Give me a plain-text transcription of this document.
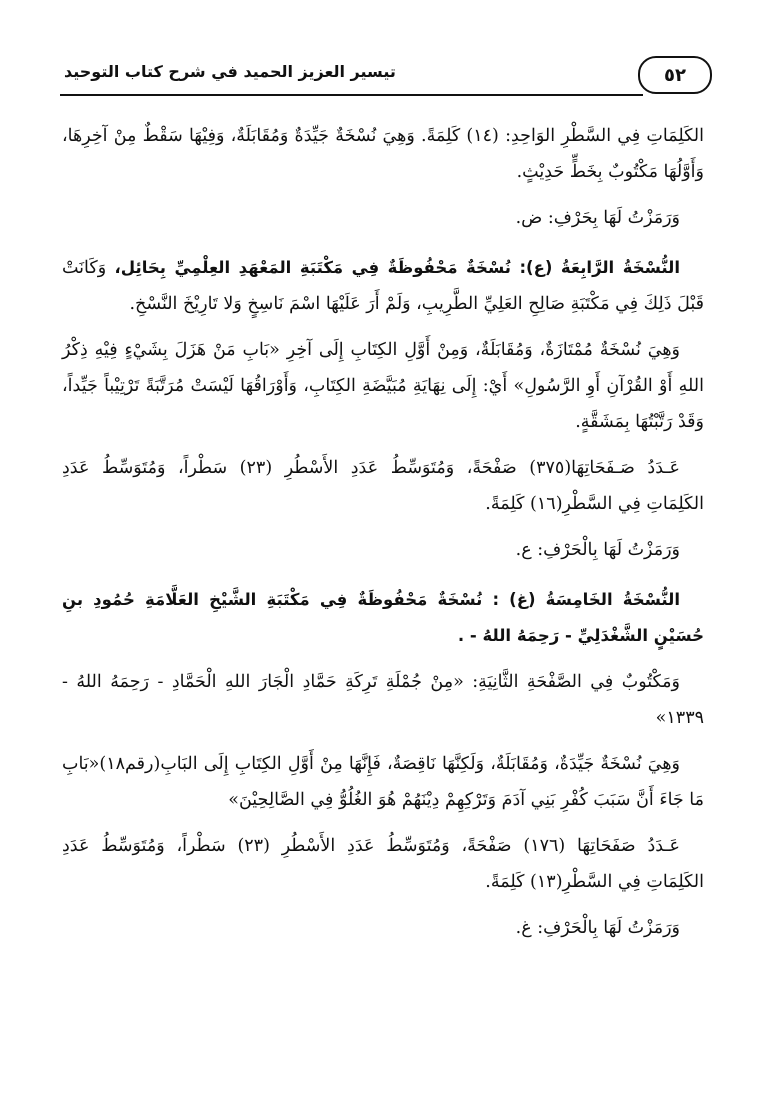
تيسير العزيز الحميد في شرح كتاب التوحيد	٥٢

الكَلِمَاتِ فِي السَّطْرِ الوَاحِدِ: (١٤) كَلِمَةً. وَهِيَ نُسْخَةٌ جَيِّدَةٌ وَمُقَابَلَةٌ، وَفِيْهَا سَقْطٌ مِنْ آخِرِهَا، وَأَوَّلُهَا مَكْتُوبٌ بِخَطٍّ حَدِيْثٍ.

وَرَمَزْتُ لَهَا بِحَرْفِ: ض.

النُّسْخَةُ الرَّابِعَةُ (ع): نُسْخَةٌ مَحْفُوظَةٌ فِي مَكْتَبَةِ المَعْهَدِ العِلْمِيِّ بِحَائِل، وَكَانَتْ قَبْلَ ذَلِكَ فِي مَكْتَبَةِ صَالِحِ العَلِيِّ الطَّرِيبِ، وَلَمْ أَرَ عَلَيْهَا اسْمَ نَاسِخٍ وَلا تَارِيْخَ النَّسْخِ.

وَهِيَ نُسْخَةٌ مُمْتَازَةٌ، وَمُقَابَلَةٌ، وَمِنْ أَوَّلِ الكِتَابِ إِلَى آخِرِ «بَابِ مَنْ هَزَلَ بِشَيْءٍ فِيْهِ ذِكْرُ اللهِ أَوْ القُرْآنِ أَوِ الرَّسُولِ» أَيْ: إِلَى نِهَايَةِ مُبَيَّضَةِ الكِتَابِ، وَأَوْرَاقُهَا لَيْسَتْ مُرَتَّبَةً تَرْتِيْباً جَيِّداً، وَقَدْ رَتَّبْتُهَا بِمَشَقَّةٍ.

عَـدَدُ صَـفَحَاتِهَا(٣٧٥) صَفْحَةً، وَمُتَوَسِّطُ عَدَدِ الأَسْطُرِ (٢٣) سَطْراً، وَمُتَوَسِّطُ عَدَدِ الكَلِمَاتِ فِي السَّطْرِ(١٦) كَلِمَةً.

وَرَمَزْتُ لَهَا بِالْحَرْفِ: ع.

النُّسْخَةُ الخَامِسَةُ (غ) : نُسْخَةٌ مَحْفُوظَةٌ فِي مَكْتَبَةِ الشَّيْخِ العَلَّامَةِ حُمُودِ بنِ حُسَيْنٍ الشَّغْدَلِيِّ - رَحِمَهُ اللهُ - .

وَمَكْتُوبٌ فِي الصَّفْحَةِ الثَّانِيَةِ: «مِنْ جُمْلَةِ تَرِكَةِ حَمَّادِ الْجَارَ اللهِ الْحَمَّادِ - رَحِمَهُ اللهُ - ١٣٣٩»

وَهِيَ نُسْخَةٌ جَيِّدَةٌ، وَمُقَابَلَةٌ، وَلَكِنَّهَا نَاقِصَةٌ، فَإِنَّهَا مِنْ أَوَّلِ الكِتَابِ إِلَى البَابِ(رقم١٨)«بَابِ مَا جَاءَ أَنَّ سَبَبَ كُفْرِ بَنِي آدَمَ وَتَرْكِهِمْ دِيْنَهُمْ هُوَ الغُلُوُّ فِي الصَّالِحِيْنَ»

عَـدَدُ صَفَحَاتِهَا (١٧٦) صَفْحَةً، وَمُتَوَسِّطُ عَدَدِ الأَسْطُرِ (٢٣) سَطْراً، وَمُتَوَسِّطُ عَدَدِ الكَلِمَاتِ فِي السَّطْرِ(١٣) كَلِمَةً.

وَرَمَزْتُ لَهَا بِالْحَرْفِ: غ.
